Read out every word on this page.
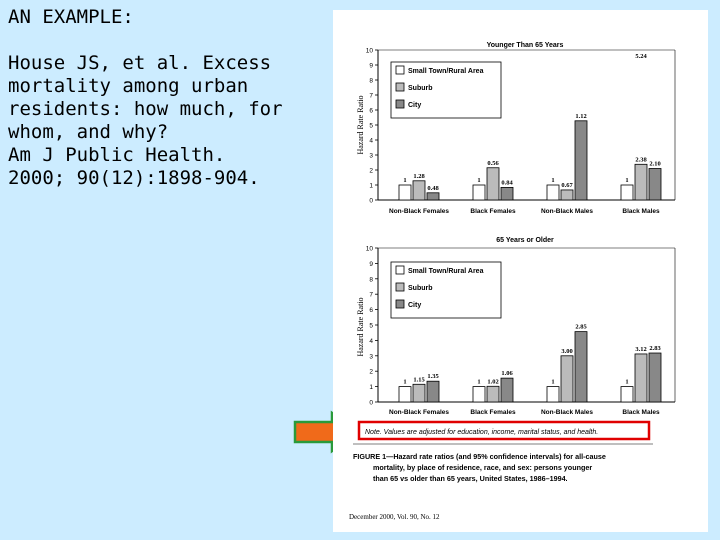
AN EXAMPLE:
House JS, et al. Excess
mortality among urban
residents: how much, for
whom, and why?
Am J Public Health.
2000; 90(12):1898-904.
Younger Than 65 Years
Hazard Rate Ratio
0
1
2
3
4
5
6
7
8
9
10
Small Town/Rural Area
Suburb
City
1	1	1	1
1.28
0.56
0.67
2.38
0.48
0.84
1.12
2.10
5.24
Non-Black Females	Black Females	Non-Black Males	Black Males
65 Years or Older
Hazard Rate Ratio
0
1
2
3
4
5
6
7
8
9
10
Small Town/Rural Area
Suburb
City
1	1	1	1
1.15	1.02
3.00	3.12
1.35	1.06
2.85
2.83
Non-Black Females	Black Females	Non-Black Males	Black Males
Note. Values are adjusted for education, income, marital status, and health.
FIGURE 1—Hazard rate ratios (and 95% confidence intervals) for all-cause
mortality, by place of residence, race, and sex: persons younger
than 65 vs older than 65 years, United States, 1986–1994.
December 2000, Vol. 90, No. 12
